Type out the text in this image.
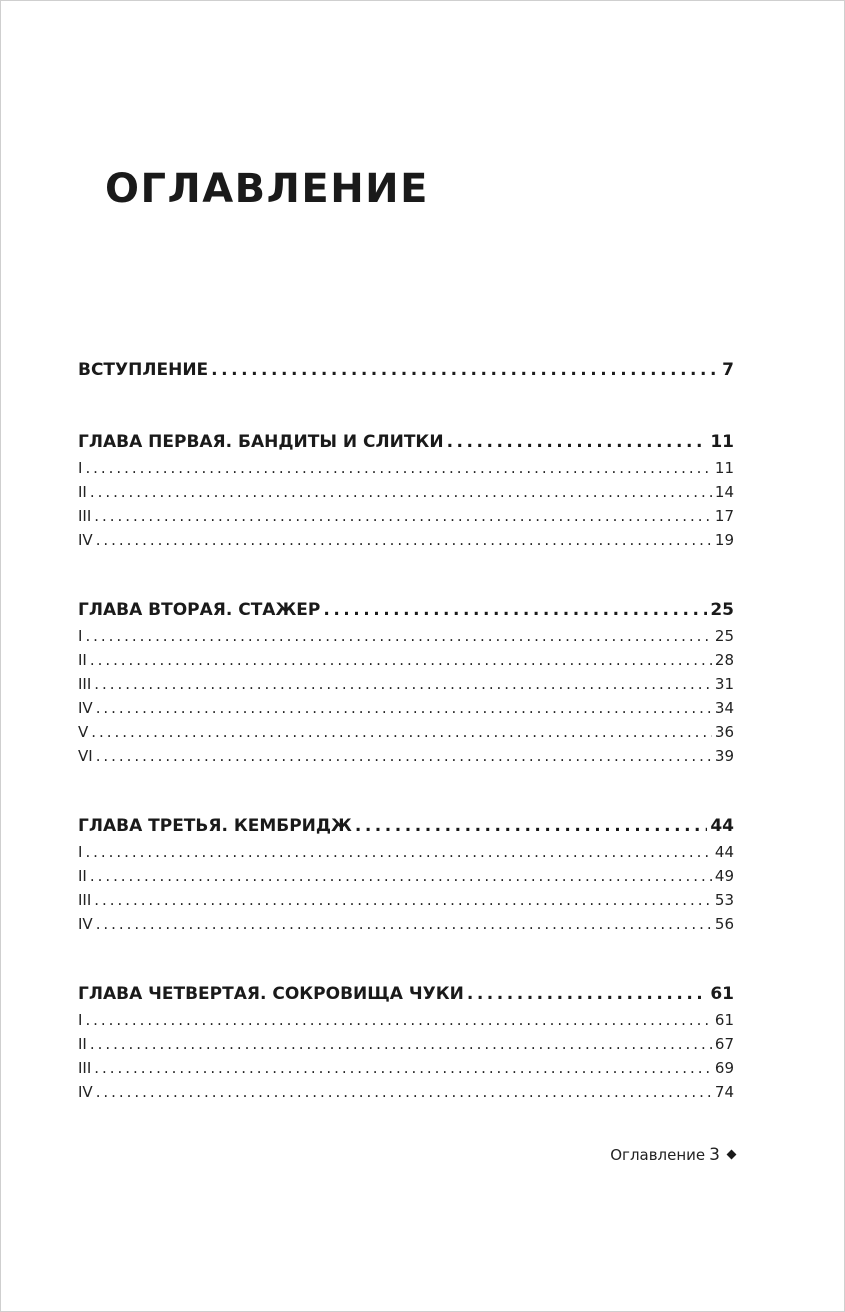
ОГЛАВЛЕНИЕ
ВСТУПЛЕНИЕ . . .	7
ГЛАВА ПЕРВАЯ. БАНДИТЫ И СЛИТКИ . . .	11
I . . .	11
II . . .	14
III . . .	17
IV . . .	19
ГЛАВА ВТОРАЯ. СТАЖЕР . . .	25
I . . .	25
II . . .	28
III . . .	31
IV . . .	34
V . . .	36
VI . . .	39
ГЛАВА ТРЕТЬЯ. КЕМБРИДЖ . . .	44
I . . .	44
II . . .	49
III . . .	53
IV . . .	56
ГЛАВА ЧЕТВЕРТАЯ. СОКРОВИЩА ЧУКИ . . .	61
I . . .	61
II . . .	67
III . . .	69
IV . . .	74
Оглавление 3
